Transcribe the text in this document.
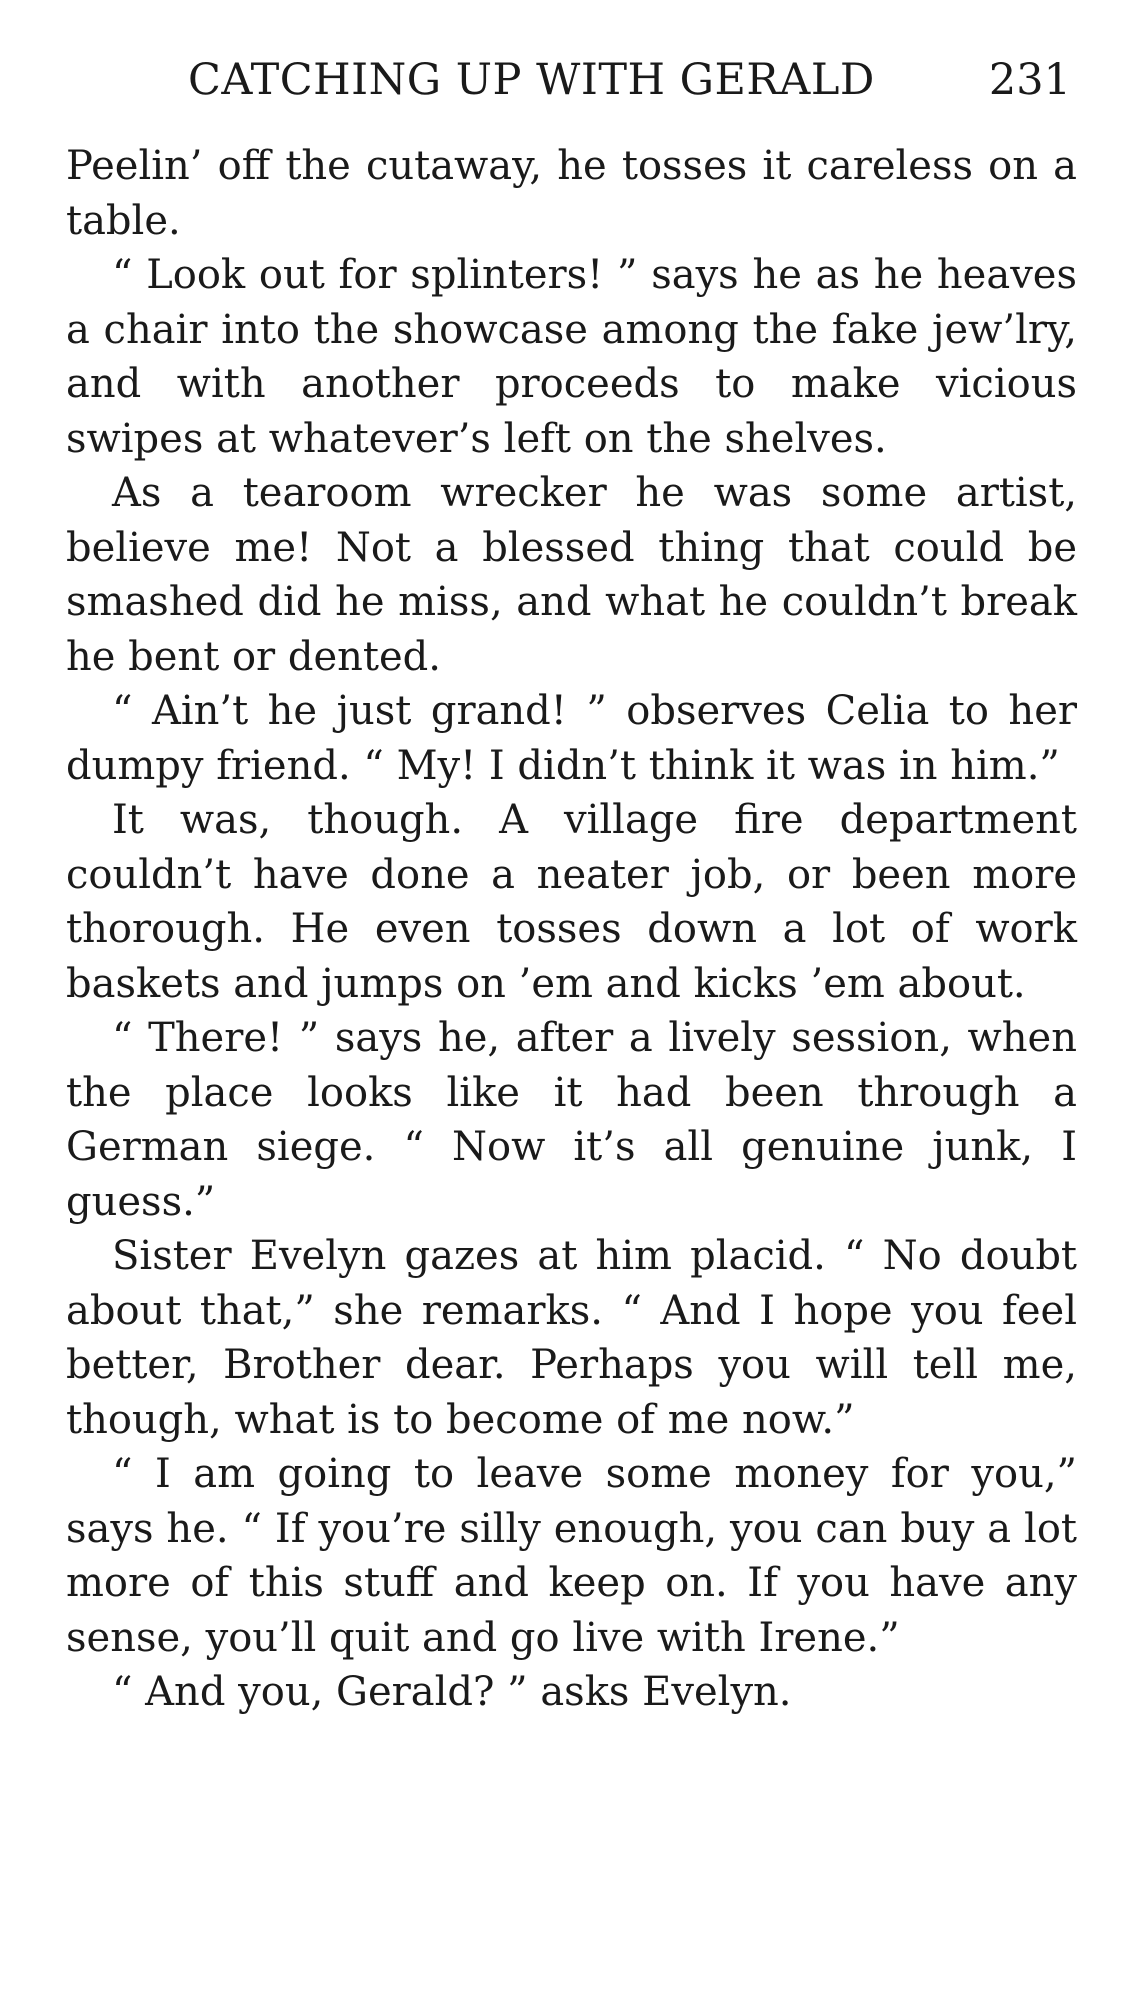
CATCHING UP WITH GERALD	231

Peelin’ off the cutaway, he tosses it careless on a table.

“ Look out for splinters! ” says he as he heaves a chair into the showcase among the fake jew’lry, and with another proceeds to make vicious swipes at whatever’s left on the shelves.

As a tearoom wrecker he was some artist, believe me! Not a blessed thing that could be smashed did he miss, and what he couldn’t break he bent or dented.

“ Ain’t he just grand! ” observes Celia to her dumpy friend. “ My! I didn’t think it was in him.”

It was, though. A village fire department couldn’t have done a neater job, or been more thorough. He even tosses down a lot of work baskets and jumps on ’em and kicks ’em about.

“ There! ” says he, after a lively session, when the place looks like it had been through a German siege. “ Now it’s all genuine junk, I guess.”

Sister Evelyn gazes at him placid. “ No doubt about that,” she remarks. “ And I hope you feel better, Brother dear. Perhaps you will tell me, though, what is to become of me now.”

“ I am going to leave some money for you,” says he. “ If you’re silly enough, you can buy a lot more of this stuff and keep on. If you have any sense, you’ll quit and go live with Irene.”

“ And you, Gerald? ” asks Evelyn.
